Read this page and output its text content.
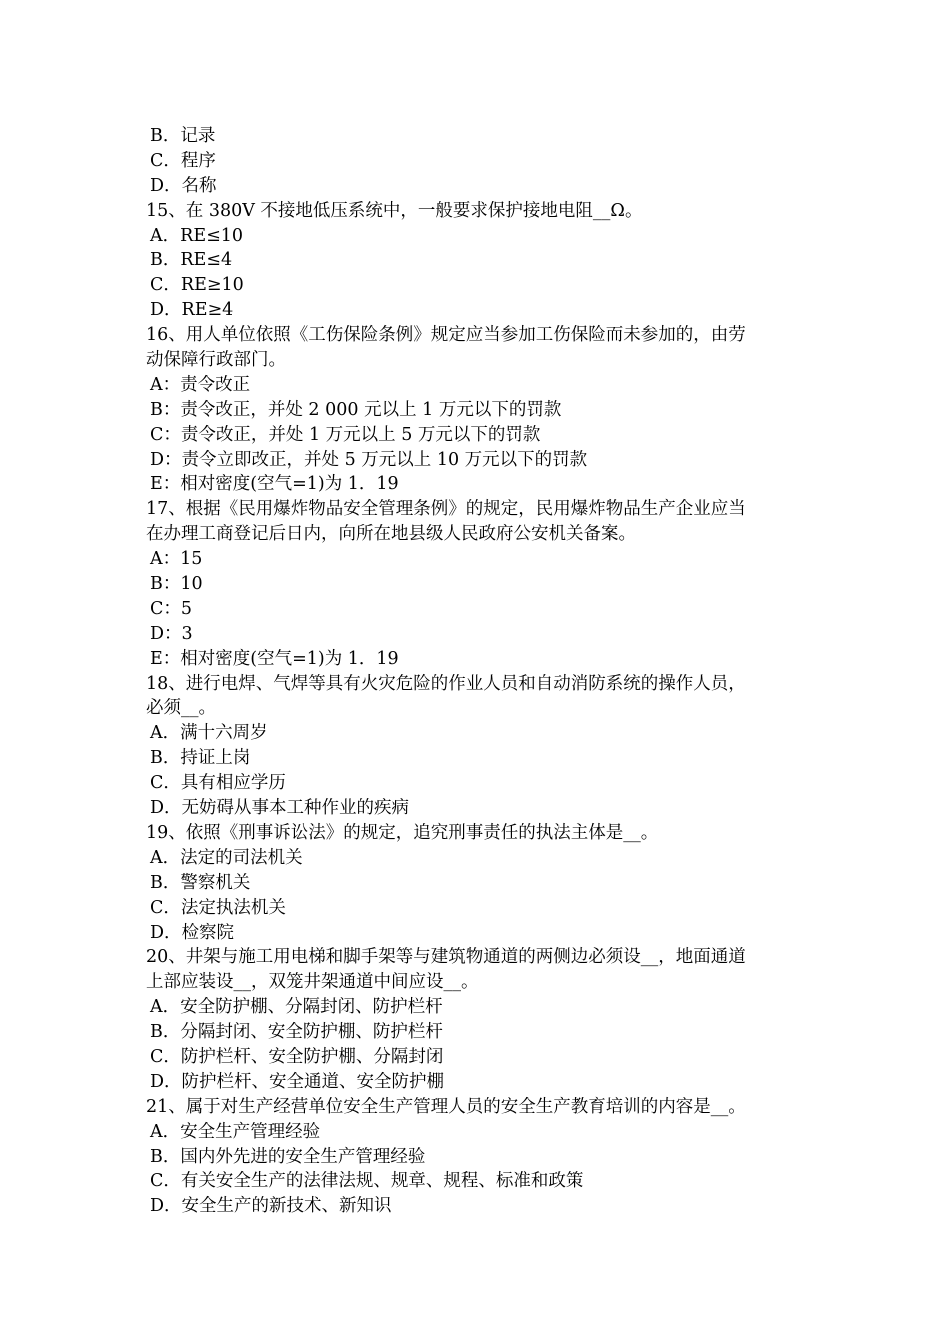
B．记录
C．程序
D．名称
15、在 380V 不接地低压系统中，一般要求保护接地电阻__Ω。
A．RE≤10
B．RE≤4
C．RE≥10
D．RE≥4
16、用人单位依照《工伤保险条例》规定应当参加工伤保险而未参加的，由劳
动保障行政部门。
A：责令改正
B：责令改正，并处 2 000 元以上 1 万元以下的罚款
C：责令改正，并处 1 万元以上 5 万元以下的罚款
D：责令立即改正，并处 5 万元以上 10 万元以下的罚款
E：相对密度(空气=1)为 1．19
17、根据《民用爆炸物品安全管理条例》的规定，民用爆炸物品生产企业应当
在办理工商登记后日内，向所在地县级人民政府公安机关备案。
A：15
B：10
C：5
D：3
E：相对密度(空气=1)为 1．19
18、进行电焊、气焊等具有火灾危险的作业人员和自动消防系统的操作人员，
必须__。
A．满十六周岁
B．持证上岗
C．具有相应学历
D．无妨碍从事本工种作业的疾病
19、依照《刑事诉讼法》的规定，追究刑事责任的执法主体是__。
A．法定的司法机关
B．警察机关
C．法定执法机关
D．检察院
20、井架与施工用电梯和脚手架等与建筑物通道的两侧边必须设__，地面通道
上部应装设__，双笼井架通道中间应设__。
A．安全防护棚、分隔封闭、防护栏杆
B．分隔封闭、安全防护棚、防护栏杆
C．防护栏杆、安全防护棚、分隔封闭
D．防护栏杆、安全通道、安全防护棚
21、属于对生产经营单位安全生产管理人员的安全生产教育培训的内容是__。
A．安全生产管理经验
B．国内外先进的安全生产管理经验
C．有关安全生产的法律法规、规章、规程、标准和政策
D．安全生产的新技术、新知识
